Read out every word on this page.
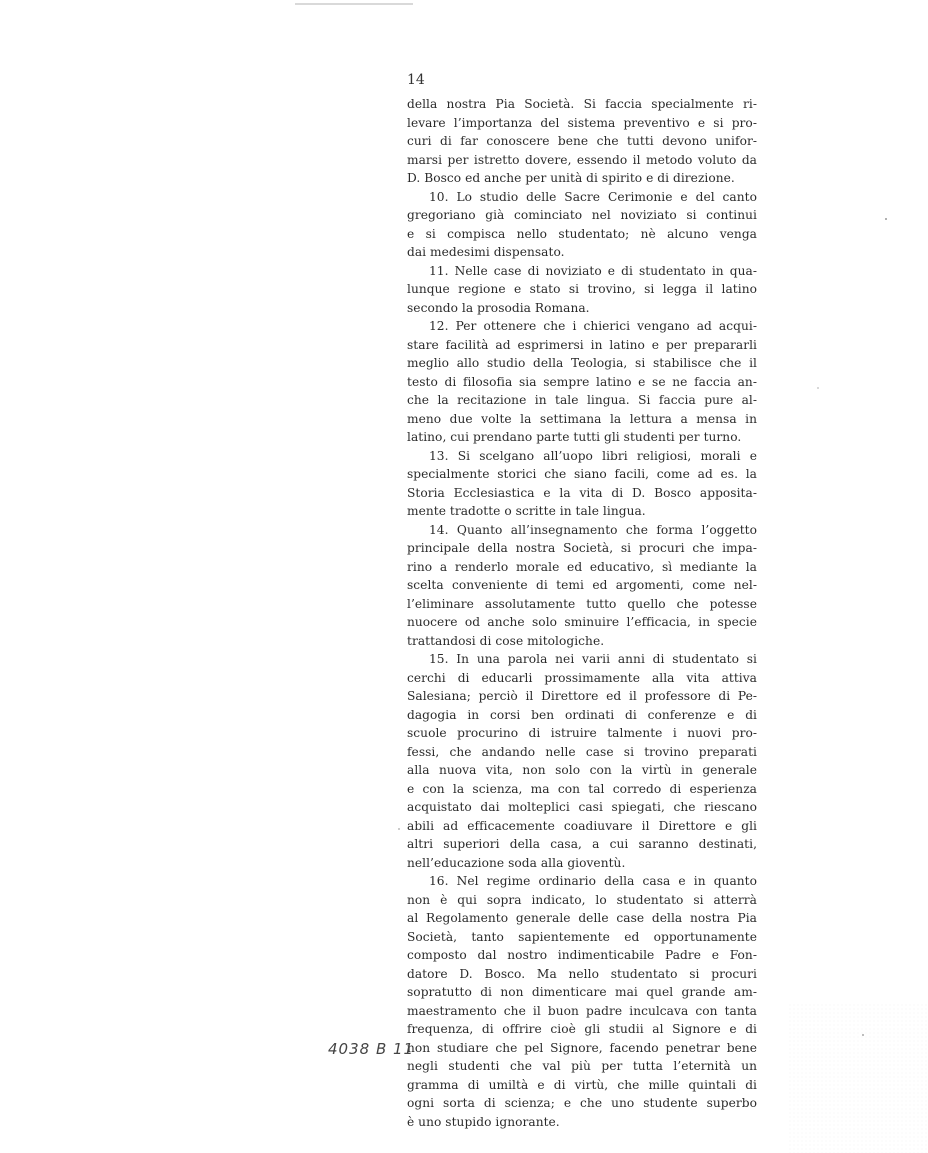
14
della nostra Pia Società. Si faccia specialmente ri-
levare l’importanza del sistema preventivo e si pro-
curi di far conoscere bene che tutti devono unifor-
marsi per istretto dovere, essendo il metodo voluto da
D. Bosco ed anche per unità di spirito e di direzione.
10. Lo studio delle Sacre Cerimonie e del canto
gregoriano già cominciato nel noviziato si continui
e si compisca nello studentato; nè alcuno venga
dai medesimi dispensato.
11. Nelle case di noviziato e di studentato in qua-
lunque regione e stato si trovino, si legga il latino
secondo la prosodia Romana.
12. Per ottenere che i chierici vengano ad acqui-
stare facilità ad esprimersi in latino e per prepararli
meglio allo studio della Teologia, si stabilisce che il
testo di filosofia sia sempre latino e se ne faccia an-
che la recitazione in tale lingua. Si faccia pure al-
meno due volte la settimana la lettura a mensa in
latino, cui prendano parte tutti gli studenti per turno.
13. Si scelgano all’uopo libri religiosi, morali e
specialmente storici che siano facili, come ad es. la
Storia Ecclesiastica e la vita di D. Bosco apposita-
mente tradotte o scritte in tale lingua.
14. Quanto all’insegnamento che forma l’oggetto
principale della nostra Società, si procuri che impa-
rino a renderlo morale ed educativo, sì mediante la
scelta conveniente di temi ed argomenti, come nel-
l’eliminare assolutamente tutto quello che potesse
nuocere od anche solo sminuire l’efficacia, in specie
trattandosi di cose mitologiche.
15. In una parola nei varii anni di studentato si
cerchi di educarli prossimamente alla vita attiva
Salesiana; perciò il Direttore ed il professore di Pe-
dagogia in corsi ben ordinati di conferenze e di
scuole procurino di istruire talmente i nuovi pro-
fessi, che andando nelle case si trovino preparati
alla nuova vita, non solo con la virtù in generale
e con la scienza, ma con tal corredo di esperienza
acquistato dai molteplici casi spiegati, che riescano
abili ad efficacemente coadiuvare il Direttore e gli
altri superiori della casa, a cui saranno destinati,
nell’educazione soda alla gioventù.
16. Nel regime ordinario della casa e in quanto
non è qui sopra indicato, lo studentato si atterrà
al Regolamento generale delle case della nostra Pia
Società, tanto sapientemente ed opportunamente
composto dal nostro indimenticabile Padre e Fon-
datore D. Bosco. Ma nello studentato si procuri
sopratutto di non dimenticare mai quel grande am-
maestramento che il buon padre inculcava con tanta
frequenza, di offrire cioè gli studii al Signore e di
non studiare che pel Signore, facendo penetrar bene
negli studenti che val più per tutta l’eternità un
gramma di umiltà e di virtù, che mille quintali di
ogni sorta di scienza; e che uno studente superbo
è uno stupido ignorante.
4038 B 11
